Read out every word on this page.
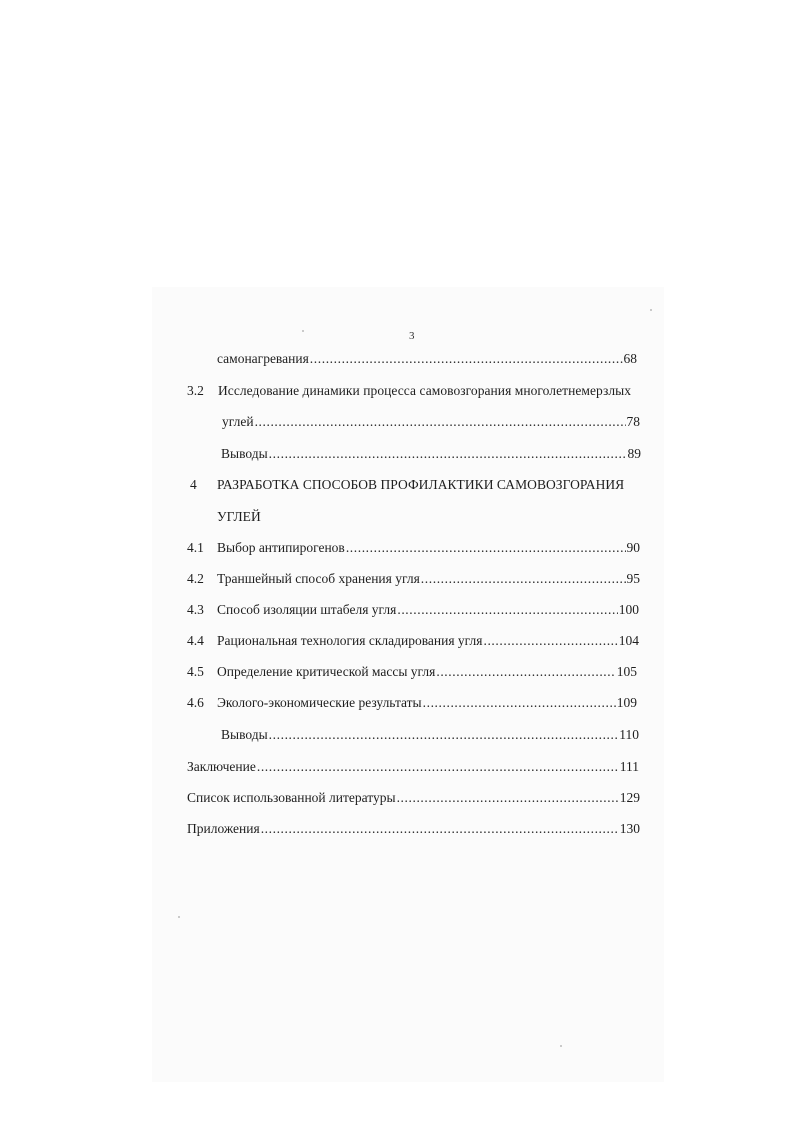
3
самонагревания .....	68
3.2 Исследование динамики процесса самовозгорания многолетнемерзлых
углей .....	78
Выводы .....	89
4 РАЗРАБОТКА СПОСОБОВ ПРОФИЛАКТИКИ САМОВОЗГОРАНИЯ
УГЛЕЙ
4.1 Выбор антипирогенов .....	90
4.2 Траншейный способ хранения угля .....	95
4.3 Способ изоляции штабеля угля .....	100
4.4 Рациональная технология складирования угля .....	104
4.5 Определение критической массы угля .....	105
4.6 Эколого-экономические результаты .....	109
Выводы .....	110
Заключение .....	111
Список использованной литературы .....	129
Приложения .....	130
